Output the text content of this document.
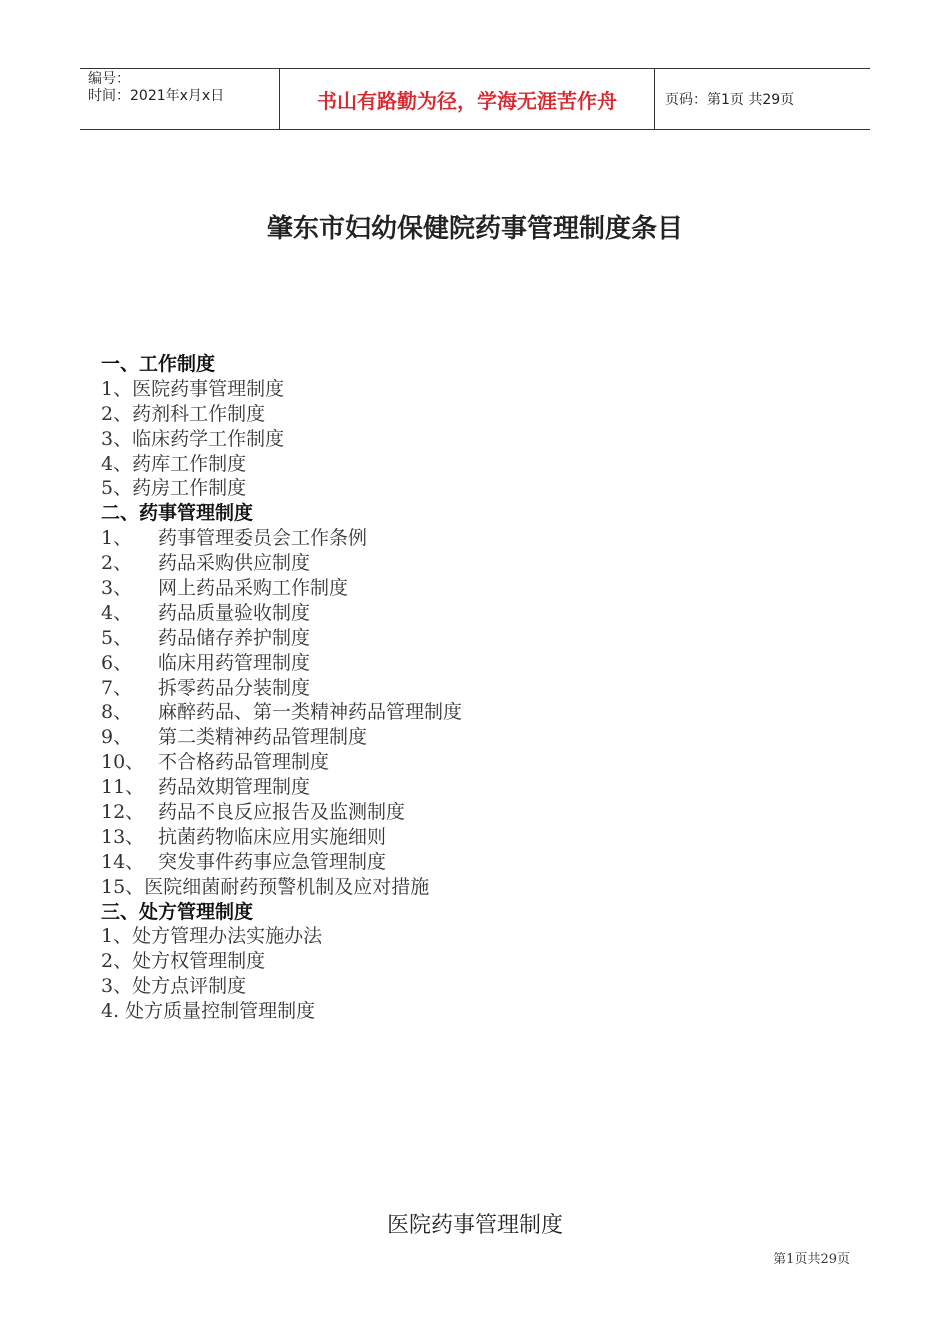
编号：
时间：2021年x月x日	书山有路勤为径，学海无涯苦作舟	页码：第1页 共29页
肇东市妇幼保健院药事管理制度条目
一、工作制度
1、 医院药事管理制度
2、 药剂科工作制度
3、 临床药学工作制度
4、 药库工作制度
5、 药房工作制度
二、药事管理制度
1、	药事管理委员会工作条例
2、	药品采购供应制度
3、	网上药品采购工作制度
4、	药品质量验收制度
5、	药品储存养护制度
6、	临床用药管理制度
7、	拆零药品分装制度
8、	麻醉药品、第一类精神药品管理制度
9、	第二类精神药品管理制度
10、 不合格药品管理制度
11、 药品效期管理制度
12、 药品不良反应报告及监测制度
13、 抗菌药物临床应用实施细则
14、 突发事件药事应急管理制度
15、 医院细菌耐药预警机制及应对措施
三、处方管理制度
1、 处方管理办法实施办法
2、 处方权管理制度
3、 处方点评制度
4. 处方质量控制管理制度
医院药事管理制度
第1页共29页
